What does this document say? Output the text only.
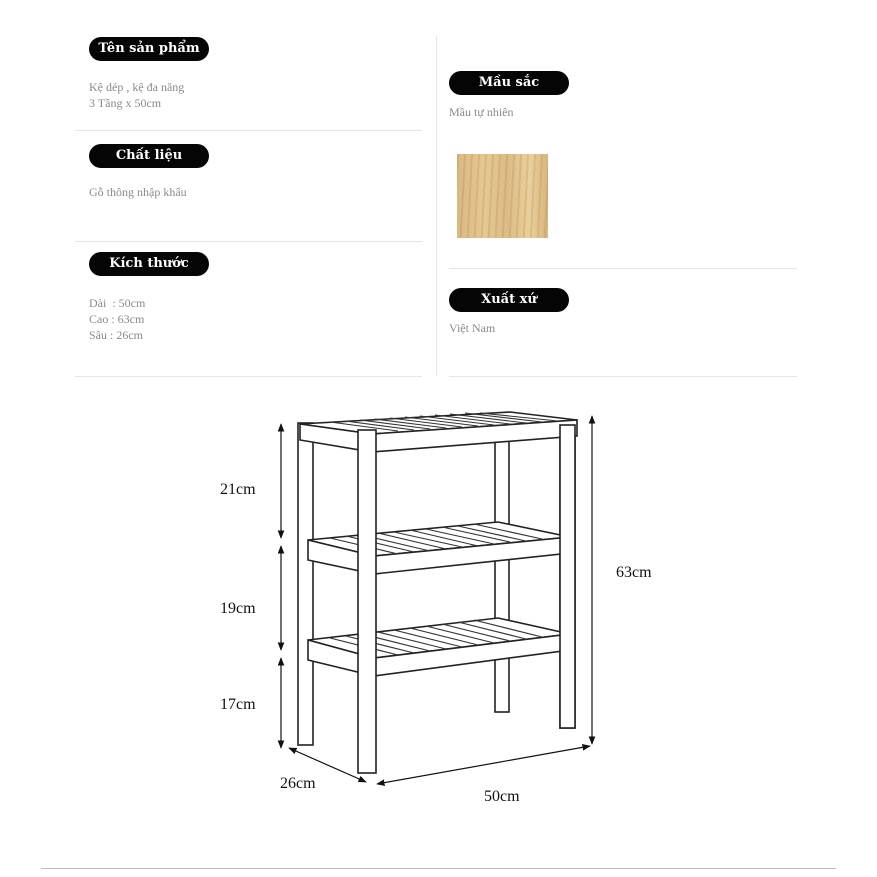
Tên sản phẩm
Kệ dép , kệ đa năng
3 Tầng x 50cm
Chất liệu
Gỗ thông nhập khẩu
Kích thước
Dài  : 50cm
Cao : 63cm
Sâu : 26cm
Mầu sắc
Mầu tự nhiên
Xuất xứ
Việt Nam
21cm
19cm
17cm
63cm
26cm
50cm
